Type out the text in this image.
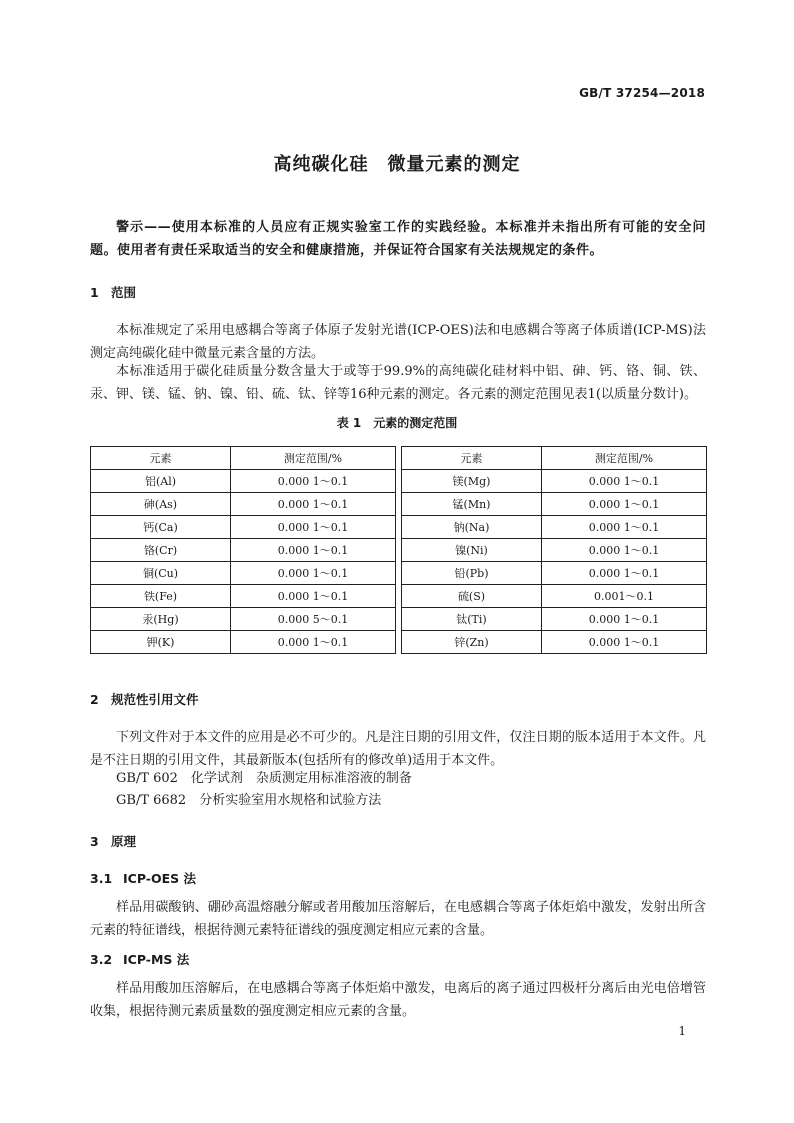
GB/T 37254—2018
高纯碳化硅　微量元素的测定
警示——使用本标准的人员应有正规实验室工作的实践经验。本标准并未指出所有可能的安全问题。使用者有责任采取适当的安全和健康措施，并保证符合国家有关法规规定的条件。
1 范围
本标准规定了采用电感耦合等离子体原子发射光谱(ICP-OES)法和电感耦合等离子体质谱(ICP-MS)法测定高纯碳化硅中微量元素含量的方法。
本标准适用于碳化硅质量分数含量大于或等于99.9%的高纯碳化硅材料中铝、砷、钙、铬、铜、铁、汞、钾、镁、锰、钠、镍、铅、硫、钛、锌等16种元素的测定。各元素的测定范围见表1(以质量分数计)。
表 1　元素的测定范围
元素	测定范围/%
铝(Al)	0.000 1～0.1
砷(As)	0.000 1～0.1
钙(Ca)	0.000 1～0.1
铬(Cr)	0.000 1～0.1
铜(Cu)	0.000 1～0.1
铁(Fe)	0.000 1～0.1
汞(Hg)	0.000 5～0.1
钾(K)	0.000 1～0.1
元素	测定范围/%
镁(Mg)	0.000 1～0.1
锰(Mn)	0.000 1～0.1
钠(Na)	0.000 1～0.1
镍(Ni)	0.000 1～0.1
铅(Pb)	0.000 1～0.1
硫(S)	0.001～0.1
钛(Ti)	0.000 1～0.1
锌(Zn)	0.000 1～0.1
2 规范性引用文件
下列文件对于本文件的应用是必不可少的。凡是注日期的引用文件，仅注日期的版本适用于本文件。凡是不注日期的引用文件，其最新版本(包括所有的修改单)适用于本文件。
GB/T 602　化学试剂　杂质测定用标准溶液的制备
GB/T 6682　分析实验室用水规格和试验方法
3 原理
3.1 ICP-OES 法
样品用碳酸钠、硼砂高温熔融分解或者用酸加压溶解后，在电感耦合等离子体炬焰中激发，发射出所含元素的特征谱线，根据待测元素特征谱线的强度测定相应元素的含量。
3.2 ICP-MS 法
样品用酸加压溶解后，在电感耦合等离子体炬焰中激发，电离后的离子通过四极杆分离后由光电倍增管收集，根据待测元素质量数的强度测定相应元素的含量。
1
